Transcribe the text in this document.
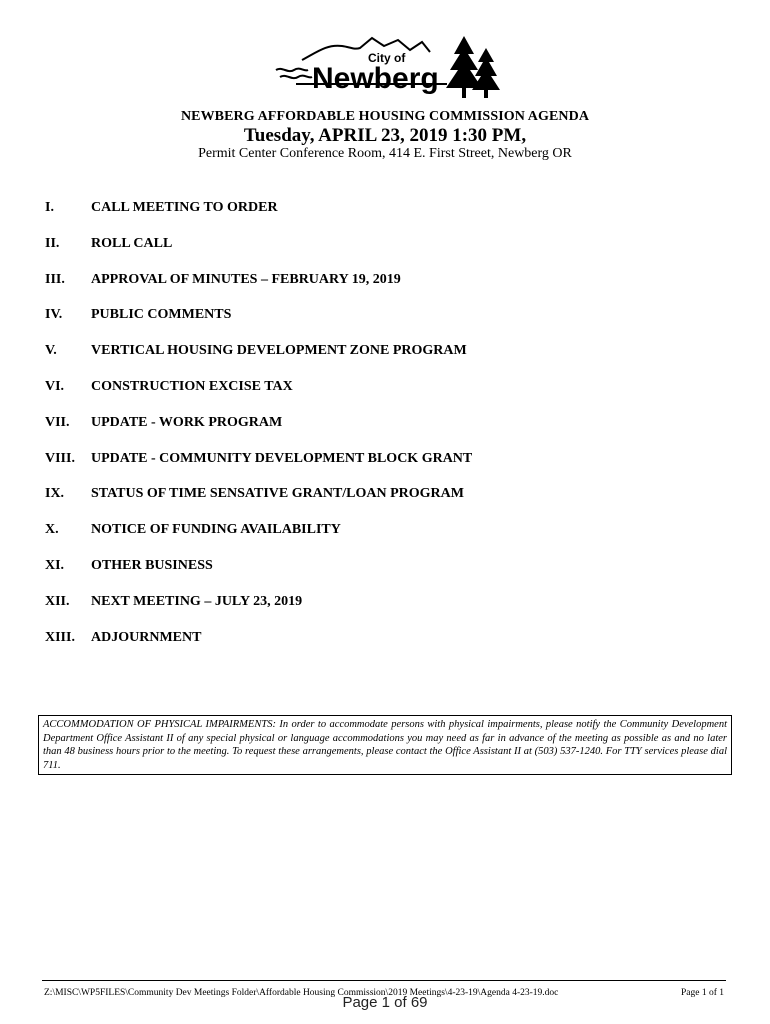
City of
Newberg
NEWBERG AFFORDABLE HOUSING COMMISSION AGENDA
Tuesday, APRIL 23, 2019 1:30 PM,
Permit Center Conference Room, 414 E. First Street, Newberg OR
I.	CALL MEETING TO ORDER
II. ROLL CALL
III. APPROVAL OF MINUTES – FEBRUARY 19, 2019
IV. PUBLIC COMMENTS
V. VERTICAL HOUSING DEVELOPMENT ZONE PROGRAM
VI. CONSTRUCTION EXCISE TAX
VII. UPDATE - WORK PROGRAM
VIII. UPDATE - COMMUNITY DEVELOPMENT BLOCK GRANT
IX. STATUS OF TIME SENSATIVE GRANT/LOAN PROGRAM
X. NOTICE OF FUNDING AVAILABILITY
XI. OTHER BUSINESS
XII. NEXT MEETING – JULY 23, 2019
XIII. ADJOURNMENT
ACCOMMODATION OF PHYSICAL IMPAIRMENTS: In order to accommodate persons with physical impairments, please notify the Community Development Department Office Assistant II of any special physical or language accommodations you may need as far in advance of the meeting as possible as and no later than 48 business hours prior to the meeting. To request these arrangements, please contact the Office Assistant II at (503) 537-1240. For TTY services please dial 711.
Z:\MISC\WP5FILES\Community Dev Meetings Folder\Affordable Housing Commission\2019 Meetings\4-23-19\Agenda 4-23-19.doc	Page 1 of 1
Page 1 of 69
